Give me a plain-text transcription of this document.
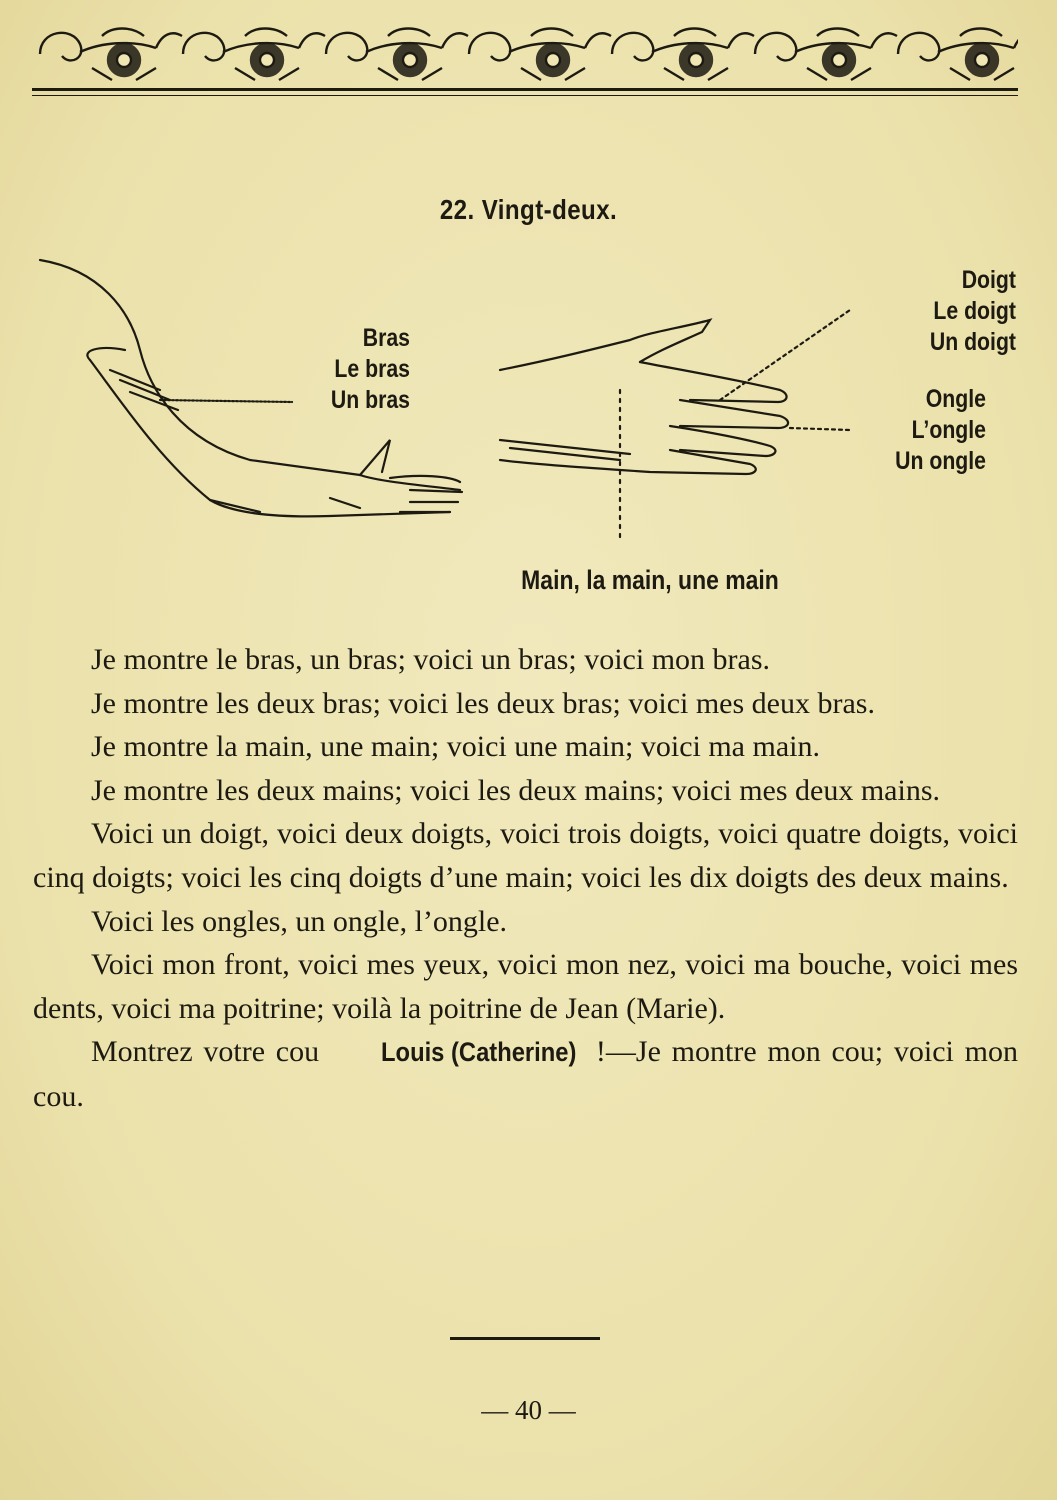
22. Vingt-deux.
Bras
Le bras
Un bras
Doigt
Le doigt
Un doigt
Ongle
L’ongle
Un ongle
Main, la main, une main

Je montre le bras, un bras; voici un bras; voici mon bras.

Je montre les deux bras; voici les deux bras; voici mes deux bras.

Je montre la main, une main; voici une main; voici ma main.

Je montre les deux mains; voici les deux mains; voici mes deux mains.

Voici un doigt, voici deux doigts, voici trois doigts, voici quatre doigts, voici cinq doigts; voici les cinq doigts d’une main; voici les dix doigts des deux mains.

Voici les ongles, un ongle, l’ongle.

Voici mon front, voici mes yeux, voici mon nez, voici ma bouche, voici mes dents, voici ma poitrine; voilà la poitrine de Jean (Marie).

Montrez votre cou Louis (Catherine) !—Je montre mon cou; voici mon cou.

— 40 —
